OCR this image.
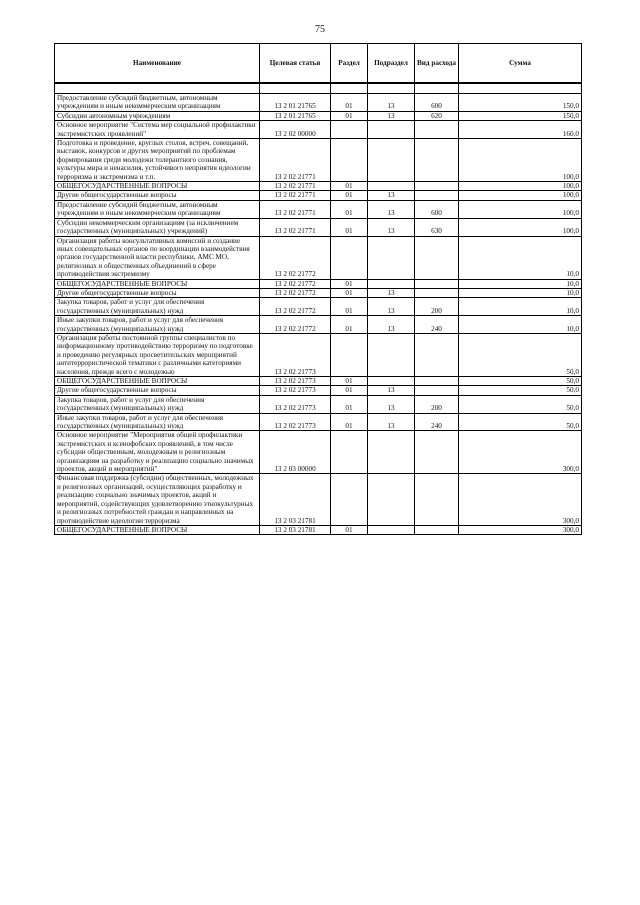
75
Наименование	Целевая статья	Раздел	Подраздел	Вид расхода	Сумма

Предоставление субсидий бюджетным, автономным учреждениям и иным некоммерческим организациям	13 2 01 21765	01	13	600	150,0
Субсидии автономным учреждениям	13 2 01 21765	01	13	620	150,0
Основное мероприятие "Система мер социальной профилактики экстремистских проявлений"	13 2 02 00000				160,0
Подготовка и проведение, круглых столов, встреч, совещаний, выставок, конкурсов и других мероприятий по проблемам формирования среди молодежи толерантного сознания, культуры мира и ненасилия, устойчивого неприятия идеологии терроризма и экстремизма и т.п.	13 2 02 21771				100,0
ОБЩЕГОСУДАРСТВЕННЫЕ ВОПРОСЫ	13 2 02 21771	01			100,0
Другие общегосударственные вопросы	13 2 02 21771	01	13		100,0
Предоставление субсидий бюджетным, автономным учреждениям и иным некоммерческим организациям	13 2 02 21771	01	13	600	100,0
Субсидии некоммерческим организациям (за исключением государственных (муниципальных) учреждений)	13 2 02 21771	01	13	630	100,0
Организация работы консультативных комиссий и создание иных совещательных органов по координации взаимодействия органов государственной власти республики, АМС МО, религиозных и общественных объединений в сфере противодействия экстремизму	13 2 02 21772				10,0
ОБЩЕГОСУДАРСТВЕННЫЕ ВОПРОСЫ	13 2 02 21772	01			10,0
Другие общегосударственные вопросы	13 2 02 21772	01	13		10,0
Закупка товаров, работ и услуг для обеспечения государственных (муниципальных) нужд	13 2 02 21772	01	13	200	10,0
Иные закупки товаров, работ и услуг для обеспечения государственных (муниципальных) нужд	13 2 02 21772	01	13	240	10,0
Организация работы постоянной группы специалистов по информационному противодействию терроризму по подготовке и проведению регулярных просветительских мероприятий антитеррористической тематики с различными категориями населения, прежде всего с молодежью	13 2 02 21773				50,0
ОБЩЕГОСУДАРСТВЕННЫЕ ВОПРОСЫ	13 2 02 21773	01			50,0
Другие общегосударственные вопросы	13 2 02 21773	01	13		50,0
Закупка товаров, работ и услуг для обеспечения государственных (муниципальных) нужд	13 2 02 21773	01	13	200	50,0
Иные закупки товаров, работ и услуг для обеспечения государственных (муниципальных) нужд	13 2 02 21773	01	13	240	50,0
Основное мероприятие "Мероприятия общей профилактики экстремистских и ксенофобских проявлений, в том числе субсидии общественным, молодежным и религиозным организациям на разработку и реализацию социально значимых проектов, акций и мероприятий"	13 2 03 00000				300,0
Финансовая поддержка (субсидии) общественных, молодежных и религиозных организаций, осуществляющих разработку и реализацию социально значимых проектов, акций и мероприятий, содействующих удовлетворению этнокультурных и религиозных потребностей граждан и направленных на противодействие идеологии терроризма	13 2 03 21781				300,0
ОБЩЕГОСУДАРСТВЕННЫЕ ВОПРОСЫ	13 2 03 21781	01			300,0
